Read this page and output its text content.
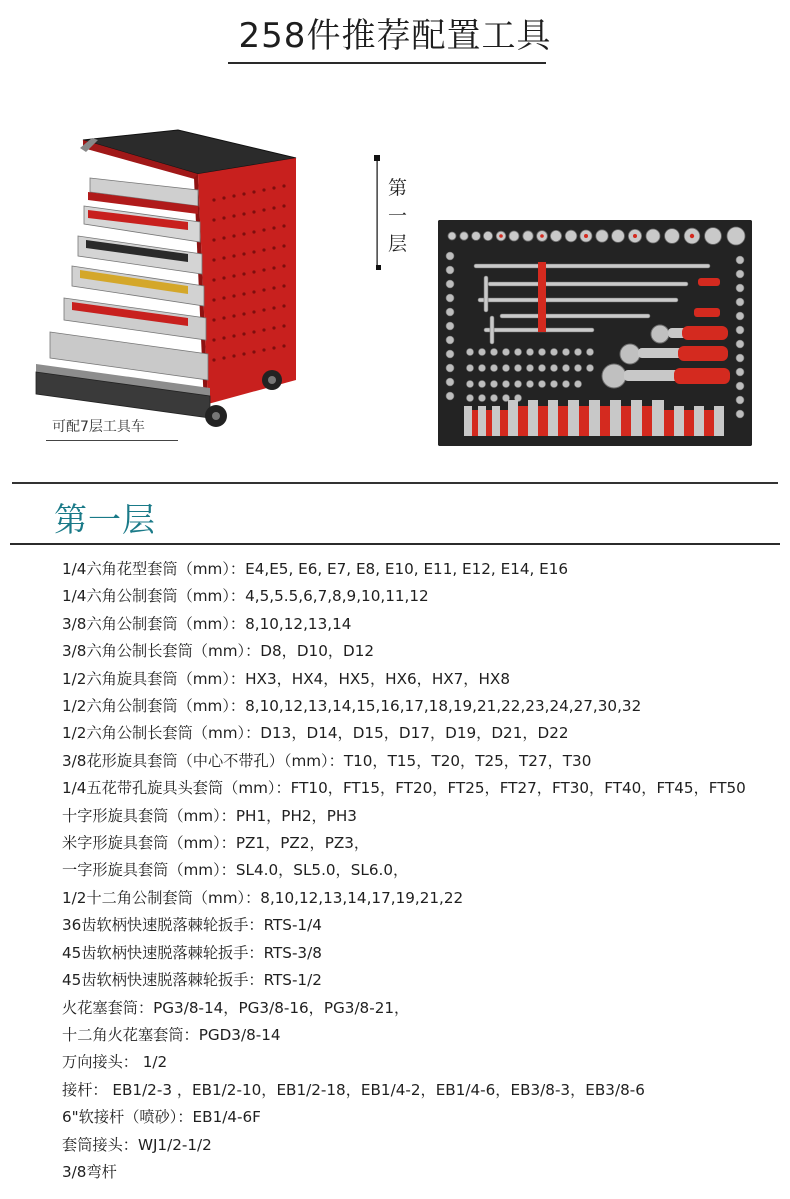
258件推荐配置工具
可配7层工具车
第一层
第一层
1/4六角花型套筒（mm）：E4,E5, E6, E7, E8, E10, E11, E12, E14, E16
1/4六角公制套筒（mm）：4,5,5.5,6,7,8,9,10,11,12
3/8六角公制套筒（mm）：8,10,12,13,14
3/8六角公制长套筒（mm）：D8，D10，D12
1/2六角旋具套筒（mm）：HX3，HX4，HX5，HX6，HX7，HX8
1/2六角公制套筒（mm）：8,10,12,13,14,15,16,17,18,19,21,22,23,24,27,30,32
1/2六角公制长套筒（mm）：D13，D14，D15，D17，D19，D21，D22
3/8花形旋具套筒（中心不带孔）（mm）：T10，T15，T20，T25，T27，T30
1/4五花带孔旋具头套筒（mm）：FT10，FT15，FT20，FT25，FT27，FT30，FT40，FT45，FT50
十字形旋具套筒（mm）：PH1，PH2，PH3
米字形旋具套筒（mm）：PZ1，PZ2，PZ3，
一字形旋具套筒（mm）：SL4.0，SL5.0，SL6.0，
1/2十二角公制套筒（mm）：8,10,12,13,14,17,19,21,22
36齿软柄快速脱落棘轮扳手：RTS-1/4
45齿软柄快速脱落棘轮扳手：RTS-3/8
45齿软柄快速脱落棘轮扳手：RTS-1/2
火花塞套筒：PG3/8-14，PG3/8-16，PG3/8-21，
十二角火花塞套筒：PGD3/8-14
万向接头： 1/2
接杆： EB1/2-3 ，EB1/2-10，EB1/2-18，EB1/4-2，EB1/4-6，EB3/8-3，EB3/8-6
6"软接杆（喷砂）：EB1/4-6F
套筒接头：WJ1/2-1/2
3/8弯杆
